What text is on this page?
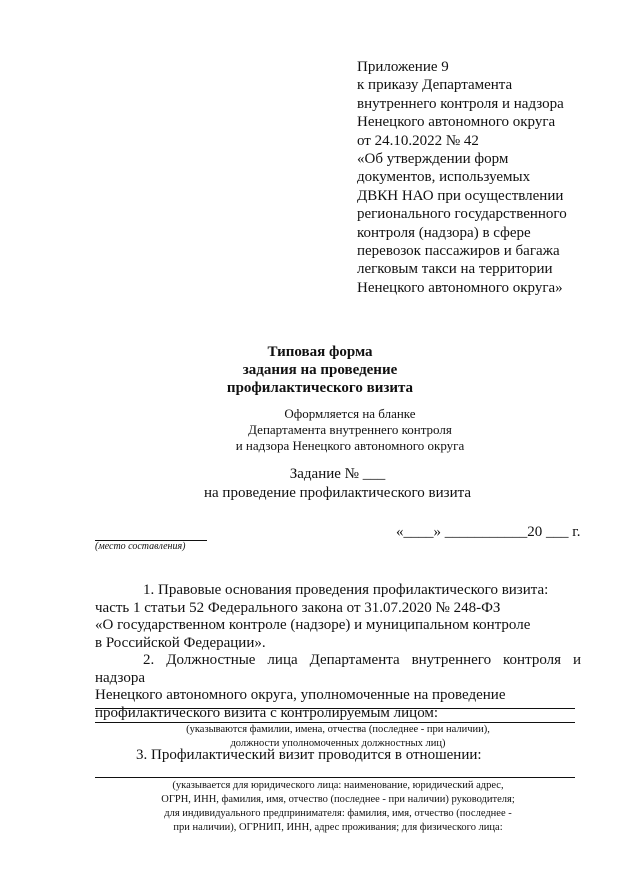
Приложение 9
к приказу Департамента
внутреннего контроля и надзора
Ненецкого автономного округа
от 24.10.2022 № 42
«Об утверждении форм
документов, используемых
ДВКН НАО при осуществлении
регионального государственного
контроля (надзора) в сфере
перевозок пассажиров и багажа
легковым такси на территории
Ненецкого автономного округа»
Типовая форма
задания на проведение
профилактического визита
Оформляется на бланке
Департамента внутреннего контроля
и надзора Ненецкого автономного округа
Задание № ___
на проведение профилактического визита
(место составления)
«____» ___________20 ___ г.
1. Правовые основания проведения профилактического визита:
часть 1 статьи 52 Федерального закона от 31.07.2020 № 248-ФЗ
«О государственном контроле (надзоре) и муниципальном контроле
в Российской Федерации».
2. Должностные лица Департамента внутреннего контроля и надзора
Ненецкого автономного округа, уполномоченные на проведение
профилактического визита с контролируемым лицом:
(указываются фамилии, имена, отчества (последнее - при наличии),
должности уполномоченных должностных лиц)
3. Профилактический визит проводится в отношении:
(указывается для юридического лица: наименование, юридический адрес,
ОГРН, ИНН, фамилия, имя, отчество (последнее - при наличии) руководителя;
для индивидуального предпринимателя: фамилия, имя, отчество (последнее -
при наличии), ОГРНИП, ИНН, адрес проживания; для физического лица:
